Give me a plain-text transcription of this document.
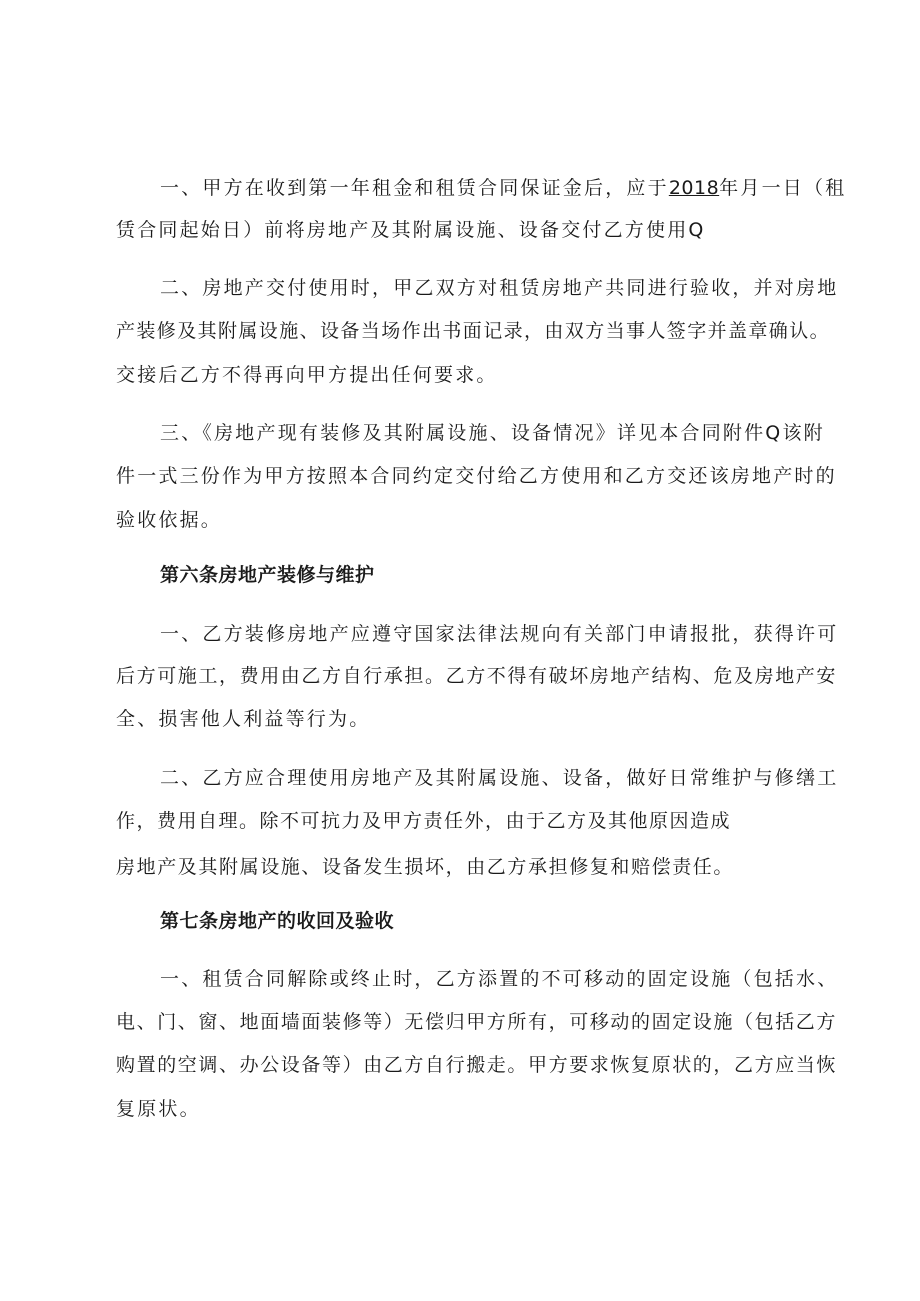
一、甲方在收到第一年租金和租赁合同保证金后，应于2018年月一日（租

赁合同起始日）前将房地产及其附属设施、设备交付乙方使用Q

二、房地产交付使用时，甲乙双方对租赁房地产共同进行验收，并对房地

产装修及其附属设施、设备当场作出书面记录，由双方当事人签字并盖章确认。

交接后乙方不得再向甲方提出任何要求。

三、《房地产现有装修及其附属设施、设备情况》详见本合同附件Q该附

件一式三份作为甲方按照本合同约定交付给乙方使用和乙方交还该房地产时的

验收依据。

第六条房地产装修与维护

一、乙方装修房地产应遵守国家法律法规向有关部门申请报批，获得许可

后方可施工，费用由乙方自行承担。乙方不得有破坏房地产结构、危及房地产安

全、损害他人利益等行为。

二、乙方应合理使用房地产及其附属设施、设备，做好日常维护与修缮工

作，费用自理。除不可抗力及甲方责任外，由于乙方及其他原因造成

房地产及其附属设施、设备发生损坏，由乙方承担修复和赔偿责任。

第七条房地产的收回及验收

一、租赁合同解除或终止时，乙方添置的不可移动的固定设施（包括水、

电、门、窗、地面墙面装修等）无偿归甲方所有，可移动的固定设施（包括乙方

购置的空调、办公设备等）由乙方自行搬走。甲方要求恢复原状的，乙方应当恢

复原状。
